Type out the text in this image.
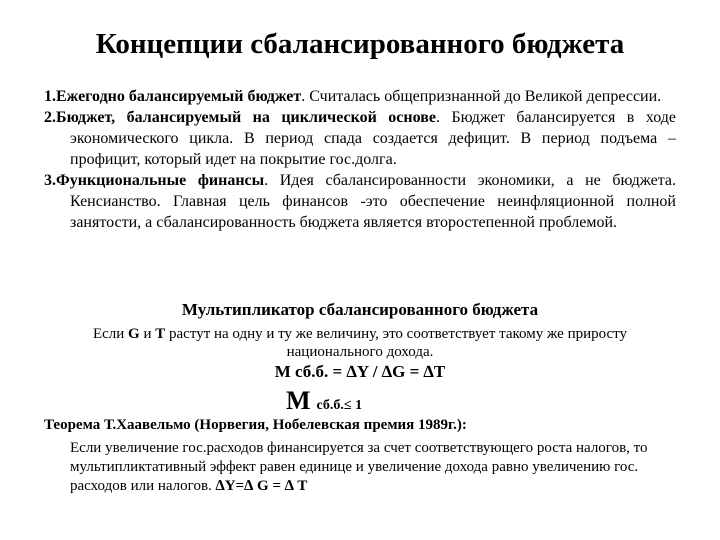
Концепции сбалансированного бюджета

1.Ежегодно балансируемый бюджет. Считалась общепризнанной до Великой депрессии.

2.Бюджет, балансируемый на циклической основе. Бюджет балансируется в ходе экономического цикла. В период спада создается дефицит. В период подъема – профицит, который идет на покрытие гос.долга.

3.Функциональные финансы. Идея сбалансированности экономики, а не бюджета. Кенсианство. Главная цель финансов -это обеспечение неинфляционной полной занятости, а сбалансированность бюджета является второстепенной проблемой.

Мультипликатор сбалансированного бюджета
Если G и T растут на одну и ту же величину, это соответствует такому же приросту национального дохода.
M сб.б. = ∆Y / ∆G = ∆T
Mсб.б.≤ 1
Теорема Т.Хаавельмо (Норвегия, Нобелевская премия 1989г.):
Если увеличение гос.расходов финансируется за счет соответствующего роста налогов, то мультипликтативный эффект равен единице и увеличение дохода равно увеличению гос. расходов или налогов. ∆Y=∆ G = ∆ T
